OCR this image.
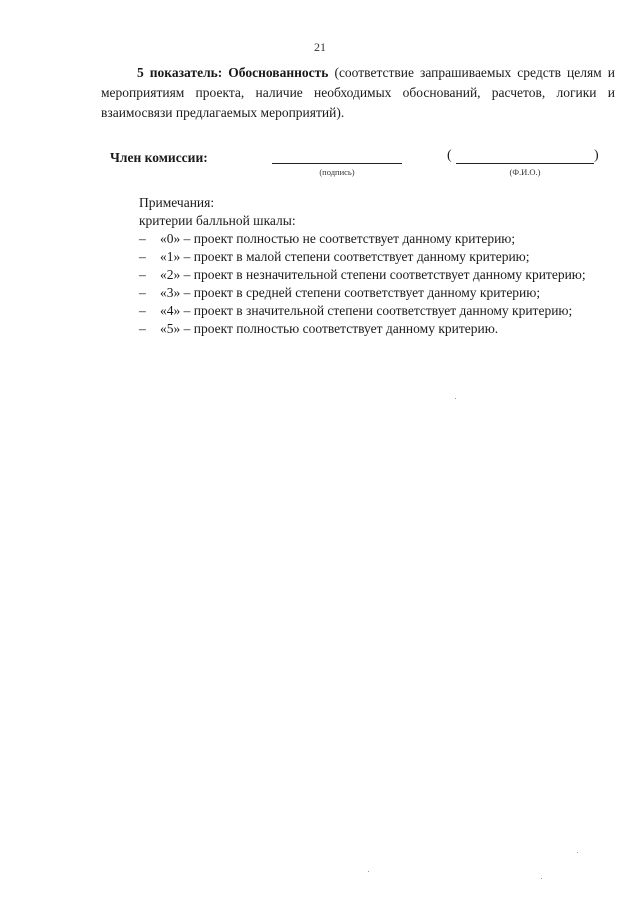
21
5 показатель: Обоснованность (соответствие запрашиваемых средств целям и мероприятиям проекта, наличие необходимых обоснований, расчетов, логики и взаимосвязи предлагаемых мероприятий).
Член комиссии:
(подпись)
(	)
(Ф.И.О.)
Примечания:
критерии балльной шкалы:
– «0» – проект полностью не соответствует данному критерию;
– «1» – проект в малой степени соответствует данному критерию;
– «2» – проект в незначительной степени соответствует данному критерию;
– «3» – проект в средней степени соответствует данному критерию;
– «4» – проект в значительной степени соответствует данному критерию;
– «5» – проект полностью соответствует данному критерию.
